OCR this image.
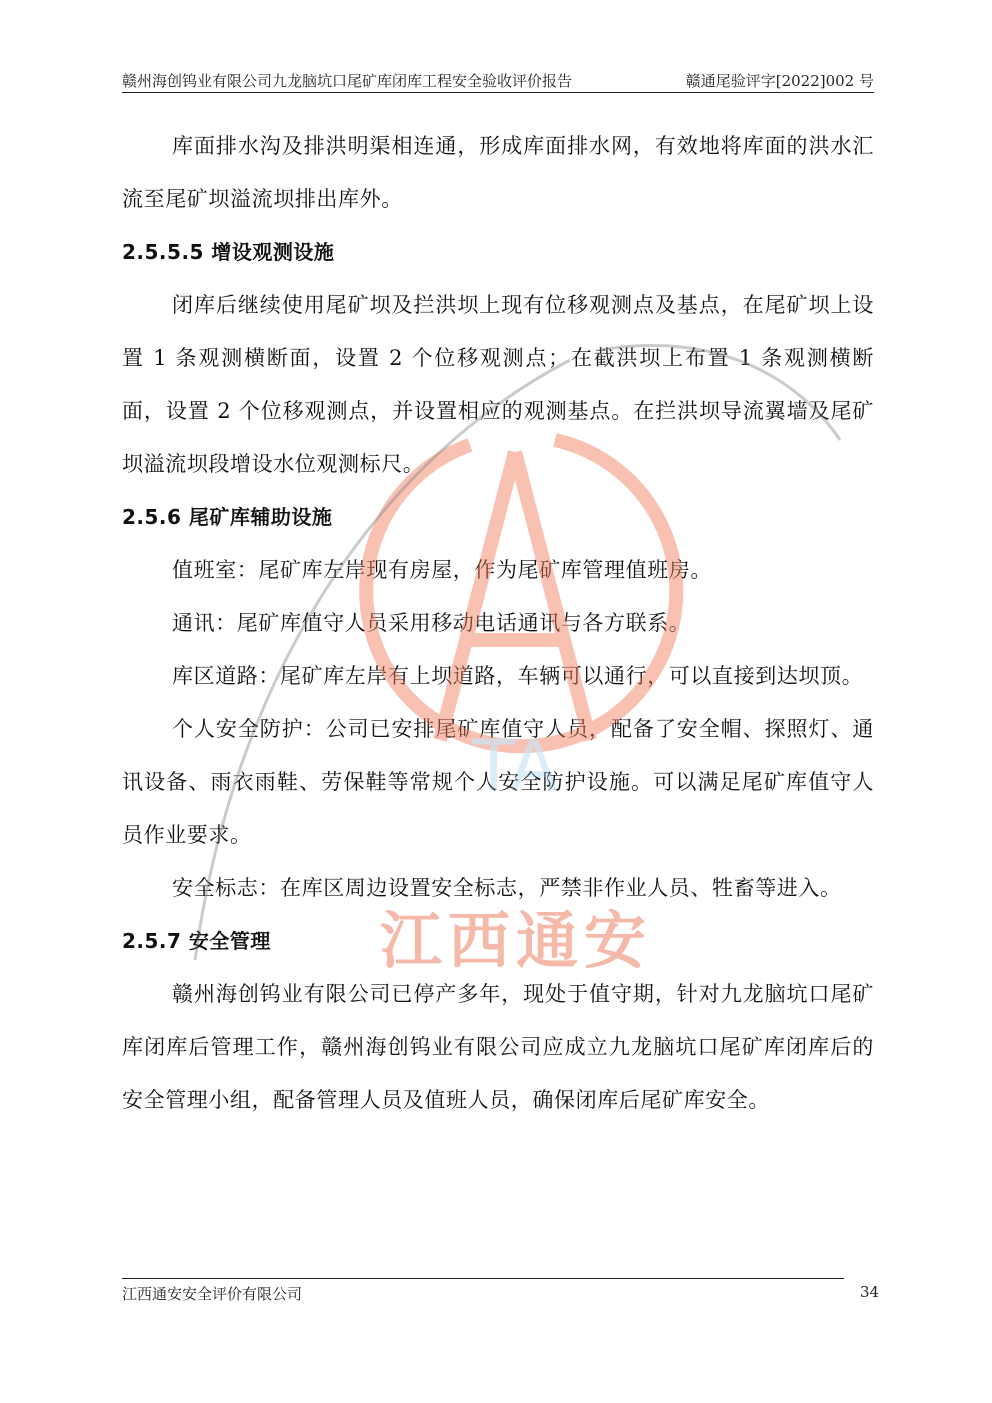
赣州海创钨业有限公司九龙脑坑口尾矿库闭库工程安全验收评价报告	赣通尾验评字[2022]002 号

库面排水沟及排洪明渠相连通，形成库面排水网，有效地将库面的洪水汇流至尾矿坝溢流坝排出库外。

2.5.5.5 增设观测设施

闭库后继续使用尾矿坝及拦洪坝上现有位移观测点及基点，在尾矿坝上设置 1 条观测横断面，设置 2 个位移观测点；在截洪坝上布置 1 条观测横断面，设置 2 个位移观测点，并设置相应的观测基点。在拦洪坝导流翼墙及尾矿坝溢流坝段增设水位观测标尺。

2.5.6 尾矿库辅助设施

值班室：尾矿库左岸现有房屋，作为尾矿库管理值班房。

通讯：尾矿库值守人员采用移动电话通讯与各方联系。

库区道路：尾矿库左岸有上坝道路，车辆可以通行，可以直接到达坝顶。

个人安全防护：公司已安排尾矿库值守人员，配备了安全帽、探照灯、通讯设备、雨衣雨鞋、劳保鞋等常规个人安全防护设施。可以满足尾矿库值守人员作业要求。

安全标志：在库区周边设置安全标志，严禁非作业人员、牲畜等进入。

2.5.7 安全管理

赣州海创钨业有限公司已停产多年，现处于值守期，针对九龙脑坑口尾矿库闭库后管理工作，赣州海创钨业有限公司应成立九龙脑坑口尾矿库闭库后的安全管理小组，配备管理人员及值班人员，确保闭库后尾矿库安全。

江西通安安全评价有限公司	34
TA
江西通安
